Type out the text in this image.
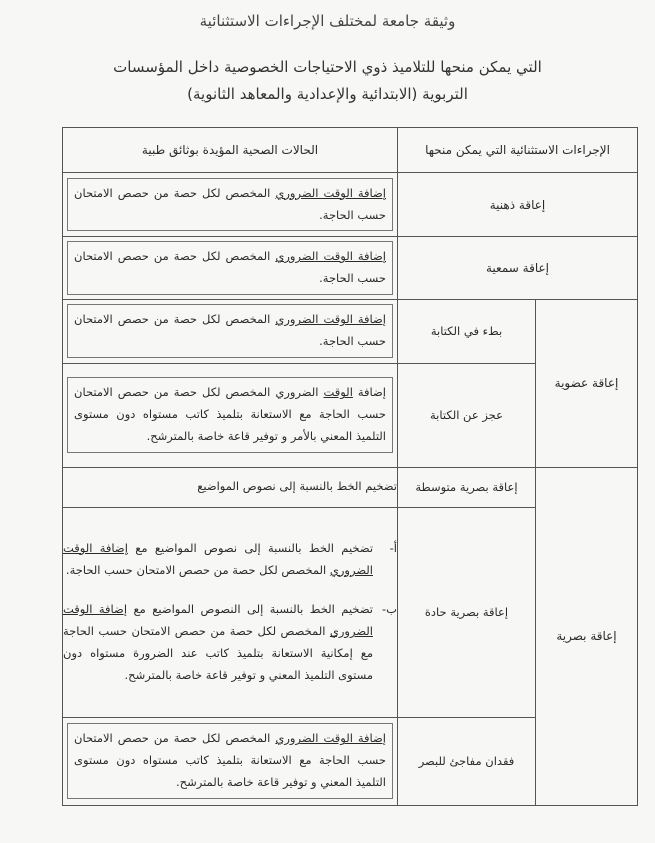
وثيقة جامعة لمختلف الإجراءات الاستثنائية
التي يمكن منحها للتلاميذ ذوي الاحتياجات الخصوصية داخل المؤسسات
التربوية (الابتدائية والإعدادية والمعاهد الثانوية)
الإجراءات الاستثنائية التي يمكن منحها		الحالات الصحية المؤيدة بوثائق طبية
إعاقة ذهنية		إضافة الوقت الضروري المخصص لكل حصة من حصص الامتحان حسب الحاجة.

إعاقة سمعية		إضافة الوقت الضروري المخصص لكل حصة من حصص الامتحان حسب الحاجة.

إعاقة عضوية	بطء في الكتابة	إضافة الوقت الضروري المخصص لكل حصة من حصص الامتحان حسب الحاجة.

	عجز عن الكتابة	إضافة الوقت الضروري المخصص لكل حصة من حصص الامتحان حسب الحاجة مع الاستعانة بتلميذ كاتب مستواه دون مستوى التلميذ المعني بالأمر و توفير قاعة خاصة بالمترشح.

إعاقة بصرية	إعاقة بصرية متوسطة	تضخيم الخط بالنسبة إلى نصوص المواضيع
	إعاقة بصرية حادة	أ-
تضخيم الخط بالنسبة إلى نصوص المواضيع مع إضافة الوقت الضروري المخصص لكل حصة من حصص الامتحان حسب الحاجة.
ب-
تضخيم الخط بالنسبة إلى النصوص المواضيع مع إضافة الوقت الضروري المخصص لكل حصة من حصص الامتحان حسب الحاجة مع إمكانية الاستعانة بتلميذ كاتب عند الضرورة مستواه دون مستوى التلميذ المعني و توفير قاعة خاصة بالمترشح.

	فقدان مفاجئ للبصر	إضافة الوقت الضروري المخصص لكل حصة من حصص الامتحان حسب الحاجة مع الاستعانة بتلميذ كاتب مستواه دون مستوى التلميذ المعني و توفير قاعة خاصة بالمترشح.
